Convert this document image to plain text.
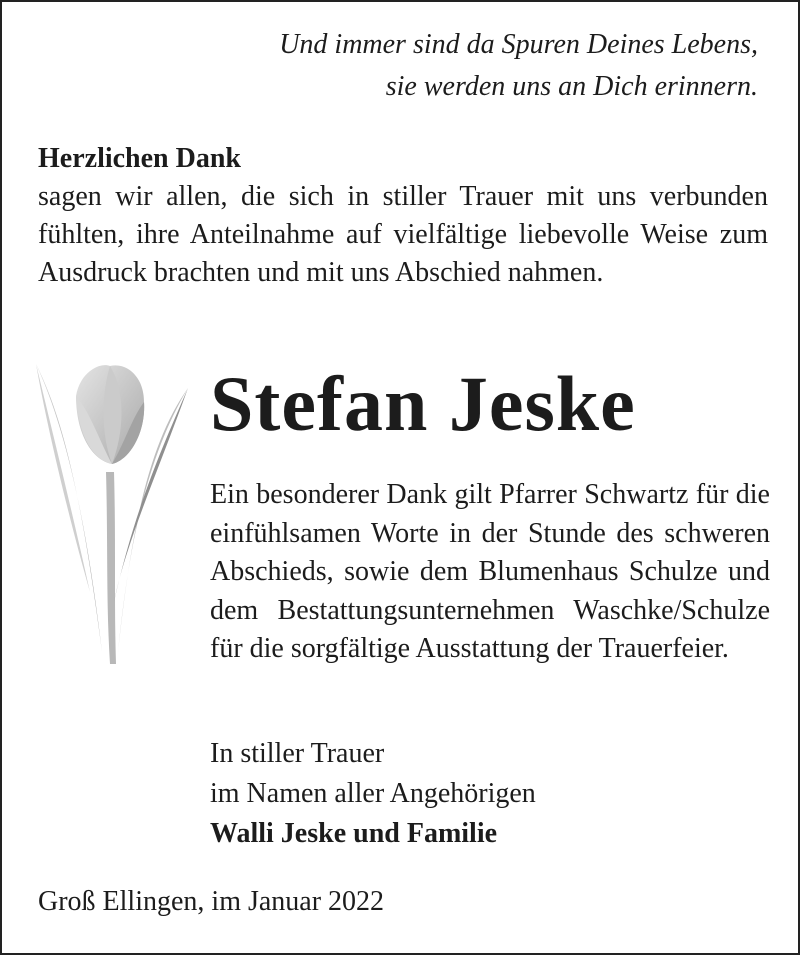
Und immer sind da Spuren Deines Lebens,
sie werden uns an Dich erinnern.
Herzlichen Dank
sagen wir allen, die sich in stiller Trauer mit uns verbunden fühlten, ihre Anteilnahme auf vielfältige liebevolle Weise zum Ausdruck brachten und mit uns Abschied nahmen.
Stefan Jeske
Ein besonderer Dank gilt Pfarrer Schwartz für die einfühlsamen Worte in der Stunde des schweren Abschieds, sowie dem Blumenhaus Schulze und dem Bestattungsunternehmen Waschke/Schulze für die sorgfältige Ausstattung der Trauerfeier.
In stiller Trauer
im Namen aller Angehörigen
Walli Jeske und Familie
Groß Ellingen, im Januar 2022
